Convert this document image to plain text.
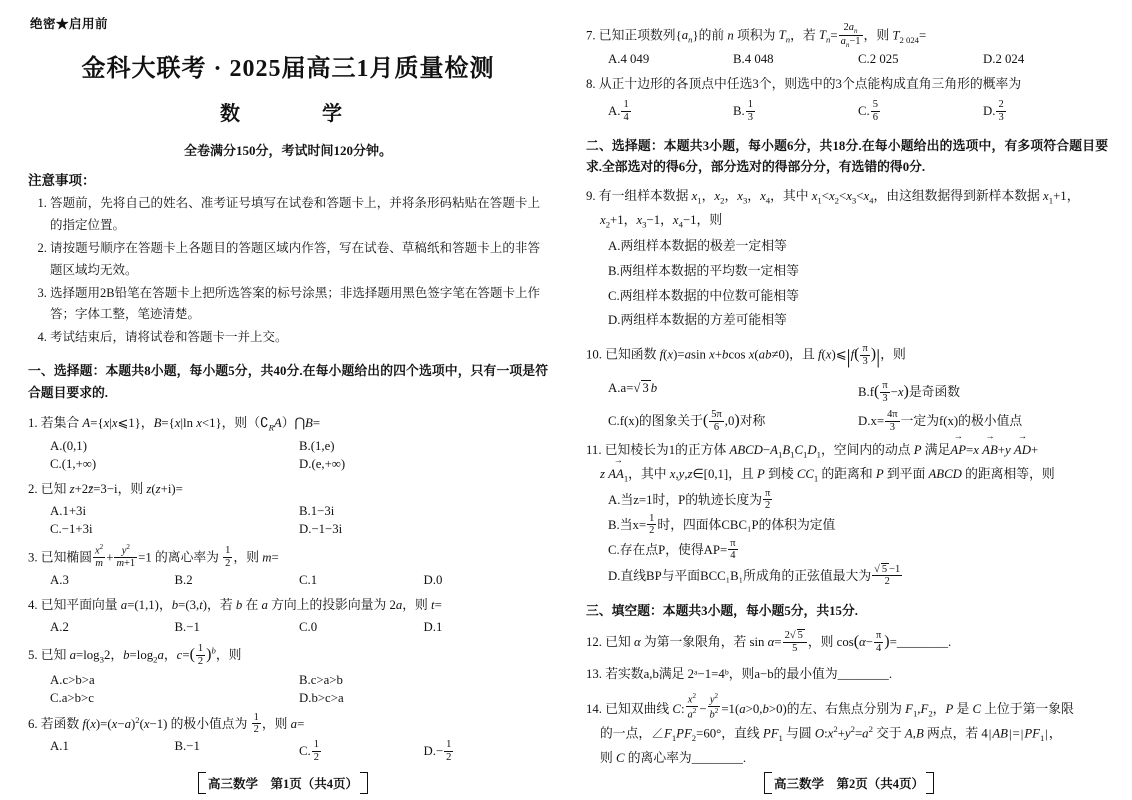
绝密★启用前
金科大联考 · 2025届高三1月质量检测
数　　学
全卷满分150分，考试时间120分钟。
注意事项：
1. 答题前，先将自己的姓名、准考证号填写在试卷和答题卡上，并将条形码粘贴在答题卡上的指定位置。
2. 请按题号顺序在答题卡上各题目的答题区域内作答，写在试卷、草稿纸和答题卡上的非答题区域均无效。
3. 选择题用2B铅笔在答题卡上把所选答案的标号涂黑；非选择题用黑色签字笔在答题卡上作答；字体工整，笔迹清楚。
4. 考试结束后，请将试卷和答题卡一并上交。
一、选择题：本题共8小题，每小题5分，共40分.在每小题给出的四个选项中，只有一项是符合题目要求的.
1. 若集合 A={x|x⩽1}，B={x|ln x<1}，则$(∁_RA)⋂B=$
A.(0,1)	B.(1,e)
C.(1,+∞)	D.(e,+∞)
2. 已知 z+2z̄=3−i，则 z(z+i)=
A.1+3i	B.1−3i
C.−1+3i	D.−1−3i
3. 已知椭圆 $\frac{x^2}{m} + \frac{y^2}{m+1} =1$ 的离心率为 $\frac{1}{2}$ ，则 m=
A.3	B.2	C.1	D.0
4. 已知平面向量 a=(1,1)，b=(3,t)，若 b 在 a 方向上的投影向量为 2a，则 t=
A.2	B.−1	C.0	D.1
5. 已知 $a=\log_32$，$b=\log_2a$，$c=( \frac{1}{2} )^b$，则
A.c>b>a	B.c>a>b
C.a>b>c	D.b>c>a
6. 若函数 $f(x)=(x-a)^2(x-1)$ 的极小值点为 $\frac{1}{2}$ ，则 a=
A.1	B.−1	C. $\frac{1}{2}$	$D.- \frac{1}{2}$
高三数学　第1页（共4页）
7. 已知正项数列$\{a_n\}$的前 n 项积为 $T_n$，若 $T_n= \frac{2a_n}{a_n-1}$ ，则 $T_{2 024}=$
A.4 049	B.4 048	C.2 025	D.2 024
8. 从正十边形的各顶点中任选3个，则选中的3个点能构成直角三角形的概率为
A. $\frac{1}{4}$	B. $\frac{1}{3}$	C. $\frac{5}{6}$	D. $\frac{2}{3}$
二、选择题：本题共3小题，每小题6分，共18分.在每小题给出的选项中，有多项符合题目要求.全部选对的得6分，部分选对的得部分分，有选错的得0分.
9. 有一组样本数据 $x_1$，$x_2$，$x_3$，$x_4$，其中 $x_1<x_2<x_3<x_4$，由这组数据得到新样本数据 $x_1+1$，
$x_2+1$，$x_3-1$，$x_4-1$，则
A.两组样本数据的极差一定相等
B.两组样本数据的平均数一定相等
C.两组样本数据的中位数可能相等
D.两组样本数据的方差可能相等
10. 已知函数 f(x)=asin x+bcos x(ab≠0)，且 f(x)⩽|f( $\frac{\pi}{3}$ )|，则
A.a= √ 3 b	$B.f( \frac{\pi}{3} -x)$是奇函数
C.f(x)的图象关于( $\frac{5\pi}{6} ,0$)对称	$D.x= \frac{4\pi}{3}$ 一定为f(x)的极小值点
11. 已知棱长为1的正方体 $ABCD-A_1B_1C_1D_1$，空间内的动点 P 满足AP →=x AB →+y AD →+
z $AA_1$ →，其中 x,y,z∈[0,1]，且 P 到棱 $CC_1$ 的距离和 P 到平面 ABCD 的距离相等，则
A.当z=1时，P的轨迹长度为 $\frac{\pi}{2}$
B.当$x= \frac{1}{2}$ 时，四面体CBC₁P的体积为定值
C.存在点P，使得$AP= \frac{\pi}{4}$
D.直线BP与平面BCC₁B₁所成角的正弦值最大为 √ $\frac{5 -1}{2}$
三、填空题：本题共3小题，每小题5分，共15分.
12. 已知 α 为第一象限角，若 $\sin \alpha= \frac{2 √ 5}{5}$ ，则 $\cos(\alpha- \frac{\pi}{4}$ )=________.
13. 若实数a,b满足 2ᵃ−1=4ᵇ，则a−b的最小值为________.
14. 已知双曲线 C: $\frac{x^2}{a^2} - \frac{y^2}{b^2} =1(a>0,b>0)$的左、右焦点分别为 $F_1,F_2$，P 是 C 上位于第一象限
的一点，$\angle F_1PF_2=60^\circ$，直线 $PF_1$ 与圆 $O:x^2+y^2=a^2$ 交于 A,B 两点，若 $4|AB|=|PF_1|$，
则 C 的离心率为________.
高三数学　第2页（共4页）
